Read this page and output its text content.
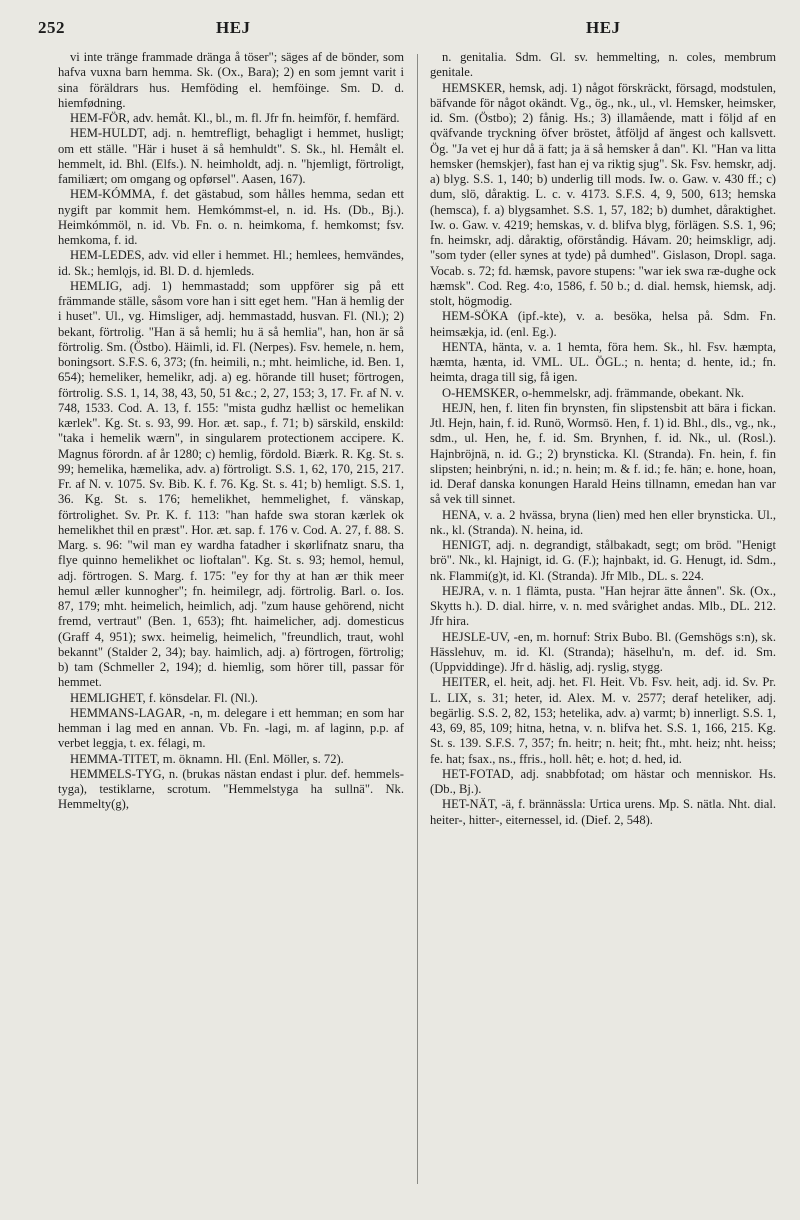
252	HEJ	HEJ

vi inte tränge frammade dränga å töser"; säges af de bönder, som hafva vuxna barn hemma. Sk. (Ox., Bara); 2) en som jemnt varit i sina föräldrars hus. Hemföding el. hemföinge. Sm. D. d. hiemfødning.

HEM-FÖR, adv. hemåt. Kl., bl., m. fl. Jfr fn. heimför, f. hemfärd.

HEM-HULDT, adj. n. hemtrefligt, behagligt i hemmet, husligt; om ett ställe. "Här i huset ä så hemhuldt". S. Sk., hl. Hemålt el. hemmelt, id. Bhl. (Elfs.). N. heimholdt, adj. n. "hjemligt, förtroligt, familiært; om omgang og opførsel". Aasen, 167).

HEM-KÓMMA, f. det gästabud, som hålles hemma, sedan ett nygift par kommit hem. Hemkómmst-el, n. id. Hs. (Db., Bj.). Heimkómmöl, n. id. Vb. Fn. o. n. heimkoma, f. hemkomst; fsv. hemkoma, f. id.

HEM-LEDES, adv. vid eller i hemmet. Hl.; hemlees, hemvändes, id. Sk.; hemlǫjs, id. Bl. D. d. hjemleds.

HEMLIG, adj. 1) hemmastadd; som uppförer sig på ett främmande ställe, såsom vore han i sitt eget hem. "Han ä hemlig der i huset". Ul., vg. Himsliger, adj. hemmastadd, husvan. Fl. (Nl.); 2) bekant, förtrolig. "Han ä så hemli; hu ä så hemlia", han, hon är så förtrolig. Sm. (Östbo). Häimli, id. Fl. (Nerpes). Fsv. hemele, n. hem, boningsort. S.F.S. 6, 373; (fn. heimili, n.; mht. heimliche, id. Ben. 1, 654); hemeliker, hemelikr, adj. a) eg. hörande till huset; förtrogen, förtrolig. S.S. 1, 14, 38, 43, 50, 51 &c.; 2, 27, 153; 3, 17. Fr. af N. v. 748, 1533. Cod. A. 13, f. 155: "mista gudhz hællist oc hemelikan kærlek". Kg. St. s. 93, 99. Hor. æt. sap., f. 71; b) särskild, enskild: "taka i hemelik wærn", in singularem protectionem accipere. K. Magnus förordn. af år 1280; c) hemlig, fördold. Biærk. R. Kg. St. s. 99; hemelika, hæmelika, adv. a) förtroligt. S.S. 1, 62, 170, 215, 217. Fr. af N. v. 1075. Sv. Bib. K. f. 76. Kg. St. s. 41; b) hemligt. S.S. 1, 36. Kg. St. s. 176; hemelikhet, hemmelighet, f. vänskap, förtrolighet. Sv. Pr. K. f. 113: "han hafde swa storan kærlek ok hemelikhet thil en præst". Hor. æt. sap. f. 176 v. Cod. A. 27, f. 88. S. Marg. s. 96: "wil man ey wardha fatadher i skørlifnatz snaru, tha flye quinno hemelikhet oc lioftalan". Kg. St. s. 93; hemol, hemul, adj. förtrogen. S. Marg. f. 175: "ey for thy at han ær thik meer hemul æller kunnogher"; fn. heimilegr, adj. förtrolig. Barl. o. Ios. 87, 179; mht. heimelich, heimlich, adj. "zum hause gehörend, nicht fremd, vertraut" (Ben. 1, 653); fht. haimelicher, adj. domesticus (Graff 4, 951); swx. heimelig, heimelich, "freundlich, traut, wohl bekannt" (Stalder 2, 34); bay. haimlich, adj. a) förtrogen, förtrolig; b) tam (Schmeller 2, 194); d. hiemlig, som hörer till, passar för hemmet.

HEMLIGHET, f. könsdelar. Fl. (Nl.).

HEMMANS-LAGAR, -n, m. delegare i ett hemman; en som har hemman i lag med en annan. Vb. Fn. -lagi, m. af laginn, p.p. af verbet leggja, t. ex. félagi, m.

HEMMA-TITET, m. öknamn. Hl. (Enl. Möller, s. 72).

HEMMELS-TYG, n. (brukas nästan endast i plur. def. hemmels-tyga), testiklarne, scrotum. "Hemmelstyga ha sullnä". Nk. Hemmelty(g),

n. genitalia. Sdm. Gl. sv. hemmelting, n. coles, membrum genitale.

HEMSKER, hemsk, adj. 1) något förskräckt, försagd, modstulen, bäfvande för något okändt. Vg., ög., nk., ul., vl. Hemsker, heimsker, id. Sm. (Östbo); 2) fånig. Hs.; 3) illamående, matt i följd af en qväfvande tryckning öfver bröstet, åtföljd af ängest och kallsvett. Ög. "Ja vet ej hur då ä fatt; ja ä så hemsker å dan". Kl. "Han va litta hemsker (hemskjer), fast han ej va riktig sjug". Sk. Fsv. hemskr, adj. a) blyg. S.S. 1, 140; b) underlig till mods. Iw. o. Gaw. v. 430 ff.; c) dum, slö, dåraktig. L. c. v. 4173. S.F.S. 4, 9, 500, 613; hemska (hemsca), f. a) blygsamhet. S.S. 1, 57, 182; b) dumhet, dåraktighet. Iw. o. Gaw. v. 4219; hemskas, v. d. blifva blyg, förlägen. S.S. 1, 96; fn. heimskr, adj. dåraktig, oförståndig. Hávam. 20; heimskligr, adj. "som tyder (eller synes at tyde) på dumhed". Gislason, Dropl. saga. Vocab. s. 72; fd. hæmsk, pavore stupens: "war iek swa ræ-dughe ock hæmsk". Cod. Reg. 4:o, 1586, f. 50 b.; d. dial. hemsk, hiemsk, adj. stolt, högmodig.

HEM-SÖKA (ipf.-kte), v. a. besöka, helsa på. Sdm. Fn. heimsækja, id. (enl. Eg.).

HENTA, hänta, v. a. 1 hemta, föra hem. Sk., hl. Fsv. hæmpta, hæmta, hænta, id. VML. UL. ÖGL.; n. henta; d. hente, id.; fn. heimta, draga till sig, få igen.

O-HEMSKER, o-hemmelskr, adj. främmande, obekant. Nk.

HEJN, hen, f. liten fin brynsten, fin slipstensbit att bära i fickan. Jtl. Hejn, hain, f. id. Runö, Wormsö. Hen, f. 1) id. Bhl., dls., vg., nk., sdm., ul. Hen, he, f. id. Sm. Brynhen, f. id. Nk., ul. (Rosl.). Hajnbröjnä, n. id. G.; 2) brynsticka. Kl. (Stranda). Fn. hein, f. fin slipsten; heinbrýni, n. id.; n. hein; m. & f. id.; fe. hān; e. hone, hoan, id. Deraf danska konungen Harald Heins tillnamn, emedan han var så vek till sinnet.

HENA, v. a. 2 hvässa, bryna (lien) med hen eller brynsticka. Ul., nk., kl. (Stranda). N. heina, id.

HENIGT, adj. n. degrandigt, stålbakadt, segt; om bröd. "Henigt brö". Nk., kl. Hajnigt, id. G. (F.); hajnbakt, id. G. Henugt, id. Sdm., nk. Flammi(g)t, id. Kl. (Stranda). Jfr Mlb., DL. s. 224.

HEJRA, v. n. 1 flämta, pusta. "Han hejrar ätte ånnen". Sk. (Ox., Skytts h.). D. dial. hirre, v. n. med svårighet andas. Mlb., DL. 212. Jfr hira.

HEJSLE-UV, -en, m. hornuf: Strix Bubo. Bl. (Gemshögs s:n), sk. Hässlehuv, m. id. Kl. (Stranda); häselhu'n, m. def. id. Sm. (Uppviddinge). Jfr d. häslig, adj. ryslig, stygg.

HEITER, el. heit, adj. het. Fl. Heit. Vb. Fsv. heit, adj. id. Sv. Pr. L. LIX, s. 31; heter, id. Alex. M. v. 2577; deraf heteliker, adj. begärlig. S.S. 2, 82, 153; hetelika, adv. a) varmt; b) innerligt. S.S. 1, 43, 69, 85, 109; hitna, hetna, v. n. blifva het. S.S. 1, 166, 215. Kg. St. s. 139. S.F.S. 7, 357; fn. heitr; n. heit; fht., mht. heiz; nht. heiss; fe. hat; fsax., ns., ffris., holl. hêt; e. hot; d. hed, id.

HET-FOTAD, adj. snabbfotad; om hästar och menniskor. Hs. (Db., Bj.).

HET-NÄT, -ä, f. brännässla: Urtica urens. Mp. S. nätla. Nht. dial. heiter-, hitter-, eiternessel, id. (Dief. 2, 548).
